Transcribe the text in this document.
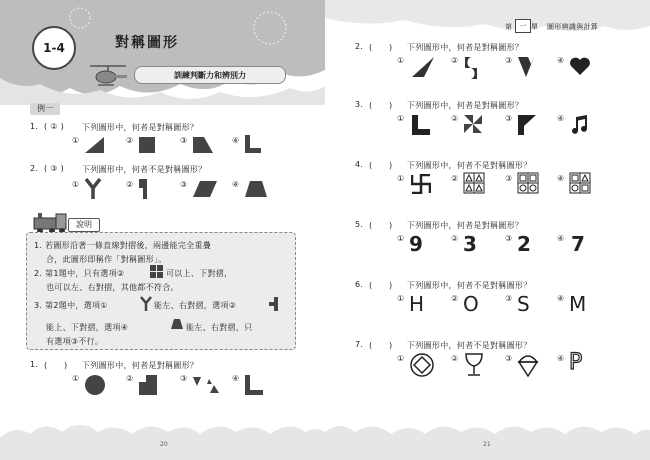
1-4	對稱圖形
訓練判斷力和辨別力
例一
1. ( ② ) 下列圖形中，何者是對稱圖形？
①	②	③	④
2. ( ③ ) 下列圖形中，何者不是對稱圖形？
①	②	③	④
說明
1. 若圖形沿著一條直線對摺後，兩邊能完全重疊
合，此圖形即稱作「對稱圖形」。
2. 第1題中，只有選項②	可以上、下對摺，
也可以左、右對摺，其他都不符合。
3. 第2題中，選項①	能左、右對摺，選項②
能上、下對摺，選項④	能左、右對摺，只
有選項③不行。
1. (　　) 下列圖形中，何者是對稱圖形？
①	②	③	④
20
第	一 單 圖形辨識與計算
2. (　　) 下列圖形中，何者是對稱圖形？
①	②	③	④
3. (　　) 下列圖形中，何者是對稱圖形？
①	②	③	④
4. (　　) 下列圖形中，何者不是對稱圖形？
①	②	③	④
5. (　　) 下列圖形中，何者是對稱圖形？
①	②	③	④
9 3 2 7
6. (　　) 下列圖形中，何者不是對稱圖形？
①	②	③	④
H O S M
7. (　　) 下列圖形中，何者不是對稱圖形？
①	②	③	④ P
21
